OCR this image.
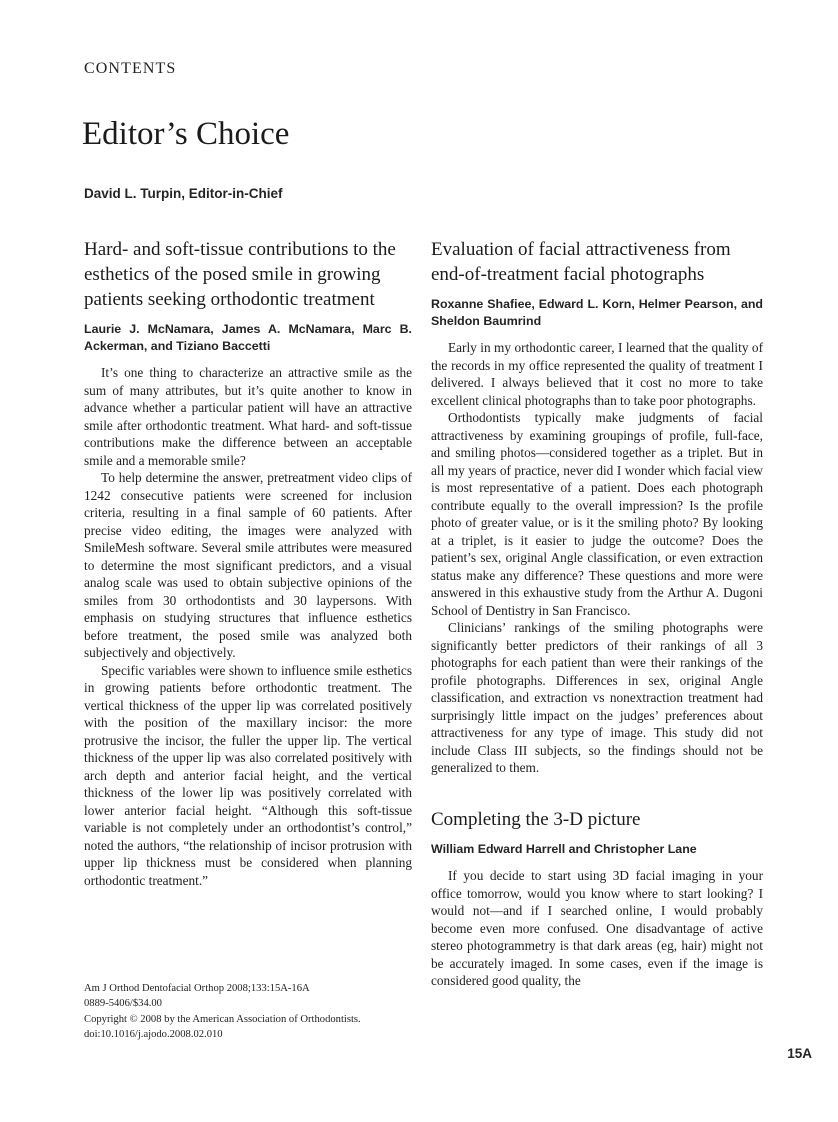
CONTENTS
Editor’s Choice
David L. Turpin, Editor-in-Chief
Hard- and soft-tissue contributions to the esthetics of the posed smile in growing patients seeking orthodontic treatment
Laurie J. McNamara, James A. McNamara, Marc B. Ackerman, and Tiziano Baccetti

It’s one thing to characterize an attractive smile as the sum of many attributes, but it’s quite another to know in advance whether a particular patient will have an attractive smile after orthodontic treatment. What hard- and soft-tissue contributions make the difference between an acceptable smile and a memorable smile?

To help determine the answer, pretreatment video clips of 1242 consecutive patients were screened for inclusion criteria, resulting in a final sample of 60 patients. After precise video editing, the images were analyzed with SmileMesh software. Several smile attributes were measured to determine the most significant predictors, and a visual analog scale was used to obtain subjective opinions of the smiles from 30 orthodontists and 30 laypersons. With emphasis on studying structures that influence esthetics before treatment, the posed smile was analyzed both subjectively and objectively.

Specific variables were shown to influence smile esthetics in growing patients before orthodontic treatment. The vertical thickness of the upper lip was correlated positively with the position of the maxillary incisor: the more protrusive the incisor, the fuller the upper lip. The vertical thickness of the upper lip was also correlated positively with arch depth and anterior facial height, and the vertical thickness of the lower lip was positively correlated with lower anterior facial height. “Although this soft-tissue variable is not completely under an orthodontist’s control,” noted the authors, “the relationship of incisor protrusion with upper lip thickness must be considered when planning orthodontic treatment.”

Evaluation of facial attractiveness from end-of-treatment facial photographs
Roxanne Shafiee, Edward L. Korn, Helmer Pearson, and Sheldon Baumrind

Early in my orthodontic career, I learned that the quality of the records in my office represented the quality of treatment I delivered. I always believed that it cost no more to take excellent clinical photographs than to take poor photographs.

Orthodontists typically make judgments of facial attractiveness by examining groupings of profile, full-face, and smiling photos—considered together as a triplet. But in all my years of practice, never did I wonder which facial view is most representative of a patient. Does each photograph contribute equally to the overall impression? Is the profile photo of greater value, or is it the smiling photo? By looking at a triplet, is it easier to judge the outcome? Does the patient’s sex, original Angle classification, or even extraction status make any difference? These questions and more were answered in this exhaustive study from the Arthur A. Dugoni School of Dentistry in San Francisco.

Clinicians’ rankings of the smiling photographs were significantly better predictors of their rankings of all 3 photographs for each patient than were their rankings of the profile photographs. Differences in sex, original Angle classification, and extraction vs nonextraction treatment had surprisingly little impact on the judges’ preferences about attractiveness for any type of image. This study did not include Class III subjects, so the findings should not be generalized to them.

Completing the 3-D picture
William Edward Harrell and Christopher Lane

If you decide to start using 3D facial imaging in your office tomorrow, would you know where to start looking? I would not—and if I searched online, I would probably become even more confused. One disadvantage of active stereo photogrammetry is that dark areas (eg, hair) might not be accurately imaged. In some cases, even if the image is considered good quality, the

Am J Orthod Dentofacial Orthop 2008;133:15A-16A
0889-5406/$34.00
Copyright © 2008 by the American Association of Orthodontists.
doi:10.1016/j.ajodo.2008.02.010
15A
